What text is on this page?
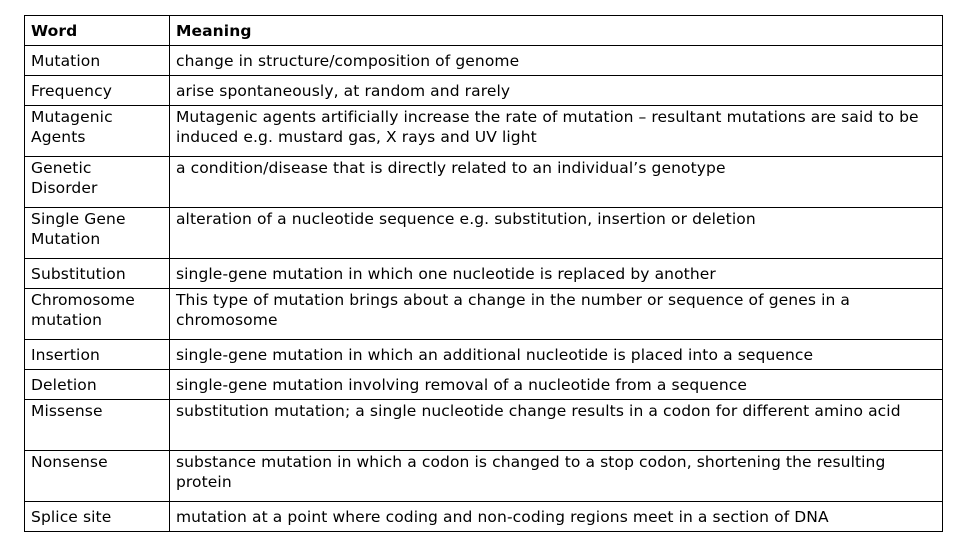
Word	Meaning
Mutation	change in structure/composition of genome
Frequency	arise spontaneously, at random and rarely
Mutagenic Agents	Mutagenic agents artificially increase the rate of mutation – resultant mutations are said to be induced e.g. mustard gas, X rays and UV light
Genetic Disorder	a condition/disease that is directly related to an individual’s genotype
Single Gene Mutation	alteration of a nucleotide sequence e.g. substitution, insertion or deletion
Substitution	single-gene mutation in which one nucleotide is replaced by another
Chromosome mutation	This type of mutation brings about a change in the number or sequence of genes in a chromosome
Insertion	single-gene mutation in which an additional nucleotide is placed into a sequence
Deletion	single-gene mutation involving removal of a nucleotide from a sequence
Missense	substitution mutation; a single nucleotide change results in a codon for different amino acid
Nonsense	substance mutation in which a codon is changed to a stop codon, shortening the resulting protein
Splice site	mutation at a point where coding and non-coding regions meet in a section of DNA
